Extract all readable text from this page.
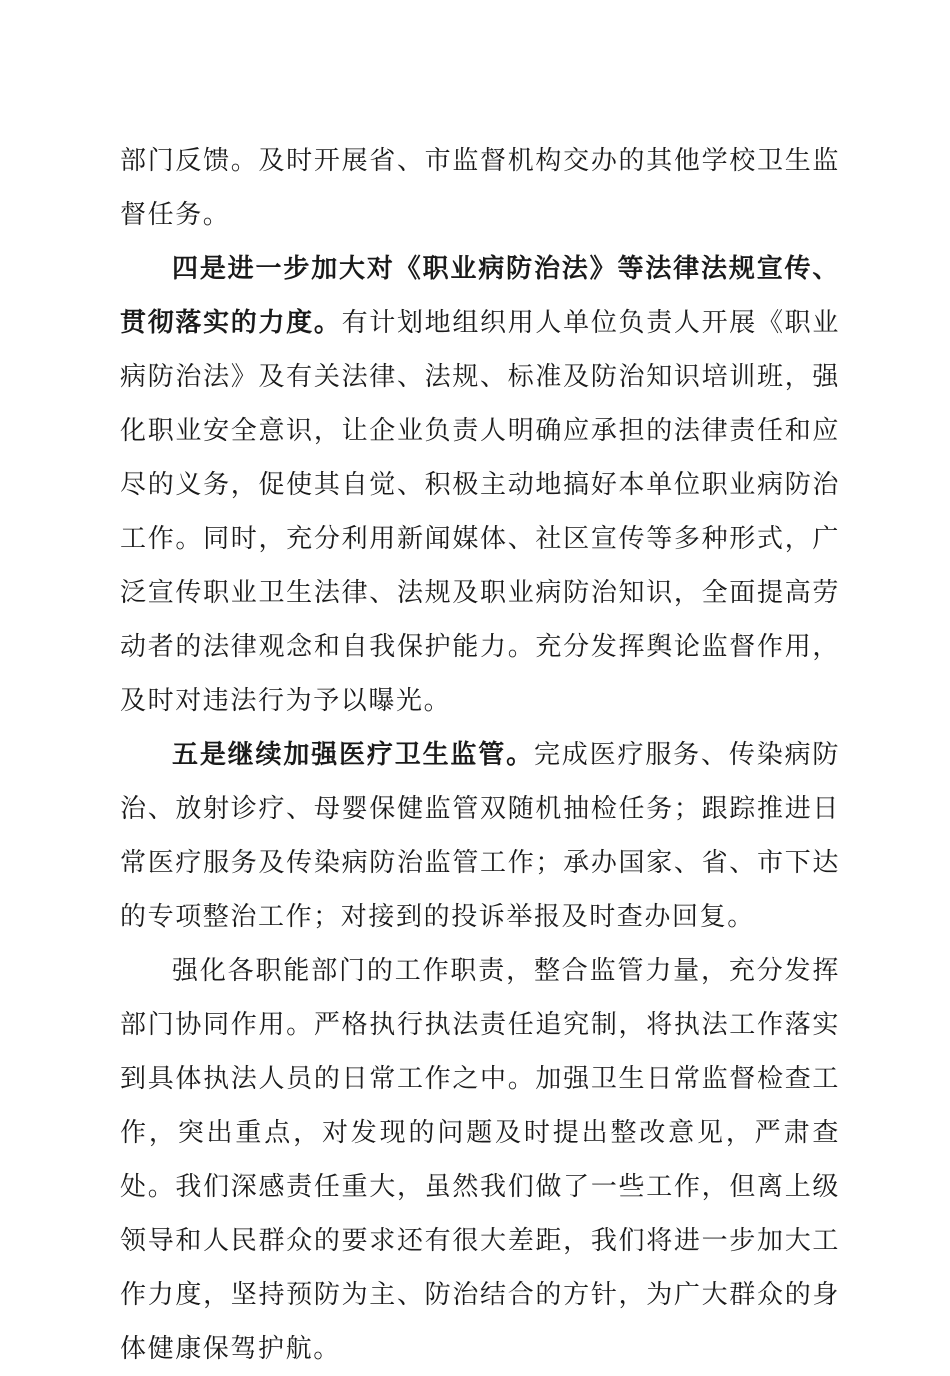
部门反馈。及时开展省、市监督机构交办的其他学校卫生监督任务。

四是进一步加大对《职业病防治法》等法律法规宣传、贯彻落实的力度。有计划地组织用人单位负责人开展《职业病防治法》及有关法律、法规、标准及防治知识培训班，强化职业安全意识，让企业负责人明确应承担的法律责任和应尽的义务，促使其自觉、积极主动地搞好本单位职业病防治工作。同时，充分利用新闻媒体、社区宣传等多种形式，广泛宣传职业卫生法律、法规及职业病防治知识，全面提高劳动者的法律观念和自我保护能力。充分发挥舆论监督作用，及时对违法行为予以曝光。

五是继续加强医疗卫生监管。完成医疗服务、传染病防治、放射诊疗、母婴保健监管双随机抽检任务；跟踪推进日常医疗服务及传染病防治监管工作；承办国家、省、市下达的专项整治工作；对接到的投诉举报及时查办回复。

强化各职能部门的工作职责，整合监管力量，充分发挥部门协同作用。严格执行执法责任追究制，将执法工作落实到具体执法人员的日常工作之中。加强卫生日常监督检查工作，突出重点，对发现的问题及时提出整改意见，严肃查处。我们深感责任重大，虽然我们做了一些工作，但离上级领导和人民群众的要求还有很大差距，我们将进一步加大工作力度，坚持预防为主、防治结合的方针，为广大群众的身体健康保驾护航。
